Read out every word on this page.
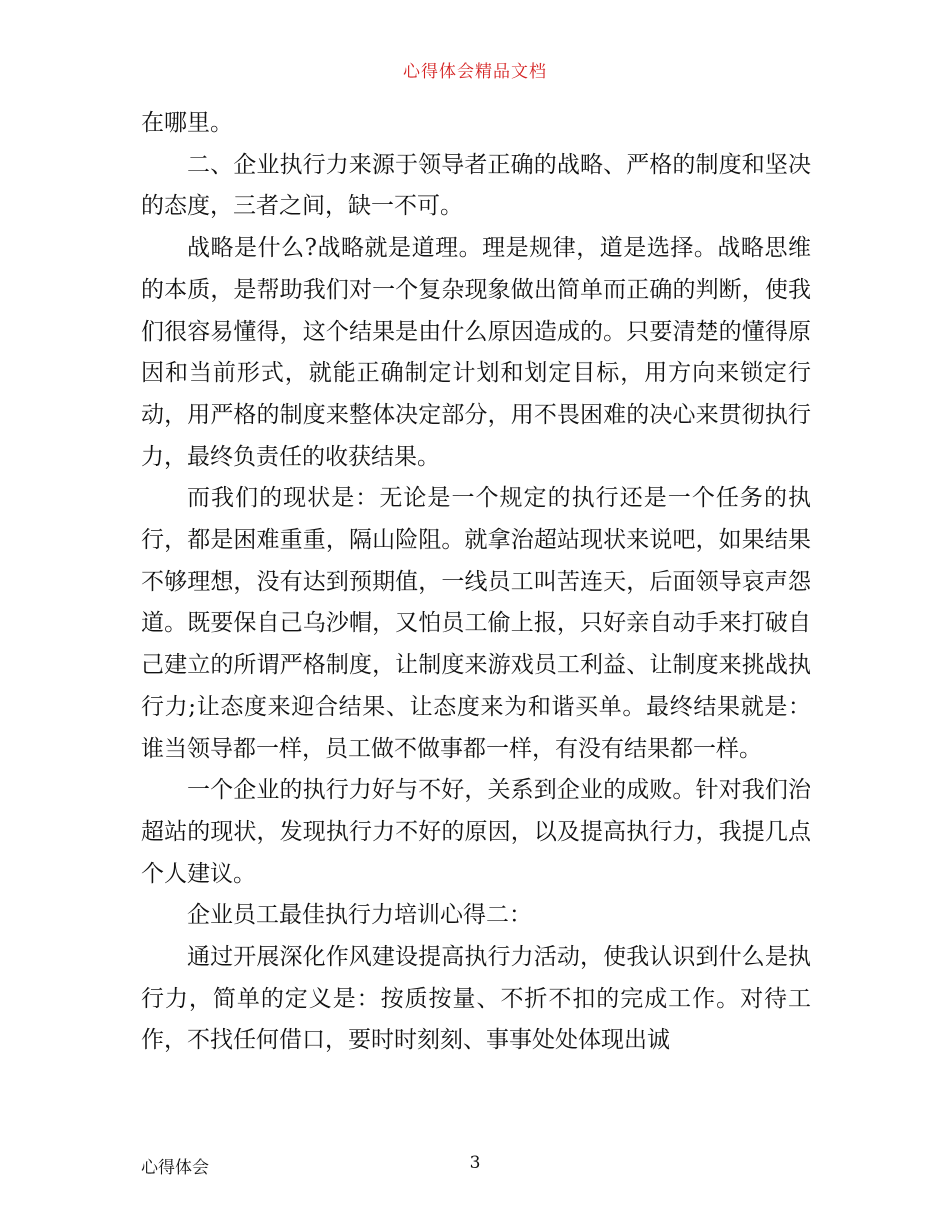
心得体会精品文档

在哪里。

二、企业执行力来源于领导者正确的战略、严格的制度和坚决的态度，三者之间，缺一不可。

战略是什么?战略就是道理。理是规律，道是选择。战略思维的本质，是帮助我们对一个复杂现象做出简单而正确的判断，使我们很容易懂得，这个结果是由什么原因造成的。只要清楚的懂得原因和当前形式，就能正确制定计划和划定目标，用方向来锁定行动，用严格的制度来整体决定部分，用不畏困难的决心来贯彻执行力，最终负责任的收获结果。

而我们的现状是：无论是一个规定的执行还是一个任务的执行，都是困难重重，隔山险阻。就拿治超站现状来说吧，如果结果不够理想，没有达到预期值，一线员工叫苦连天，后面领导哀声怨道。既要保自己乌沙帽，又怕员工偷上报，只好亲自动手来打破自己建立的所谓严格制度，让制度来游戏员工利益、让制度来挑战执行力;让态度来迎合结果、让态度来为和谐买单。最终结果就是：谁当领导都一样，员工做不做事都一样，有没有结果都一样。

一个企业的执行力好与不好，关系到企业的成败。针对我们治超站的现状，发现执行力不好的原因，以及提高执行力，我提几点个人建议。

企业员工最佳执行力培训心得二：

通过开展深化作风建设提高执行力活动，使我认识到什么是执行力，简单的定义是：按质按量、不折不扣的完成工作。对待工作，不找任何借口，要时时刻刻、事事处处体现出诚

心得体会	3
